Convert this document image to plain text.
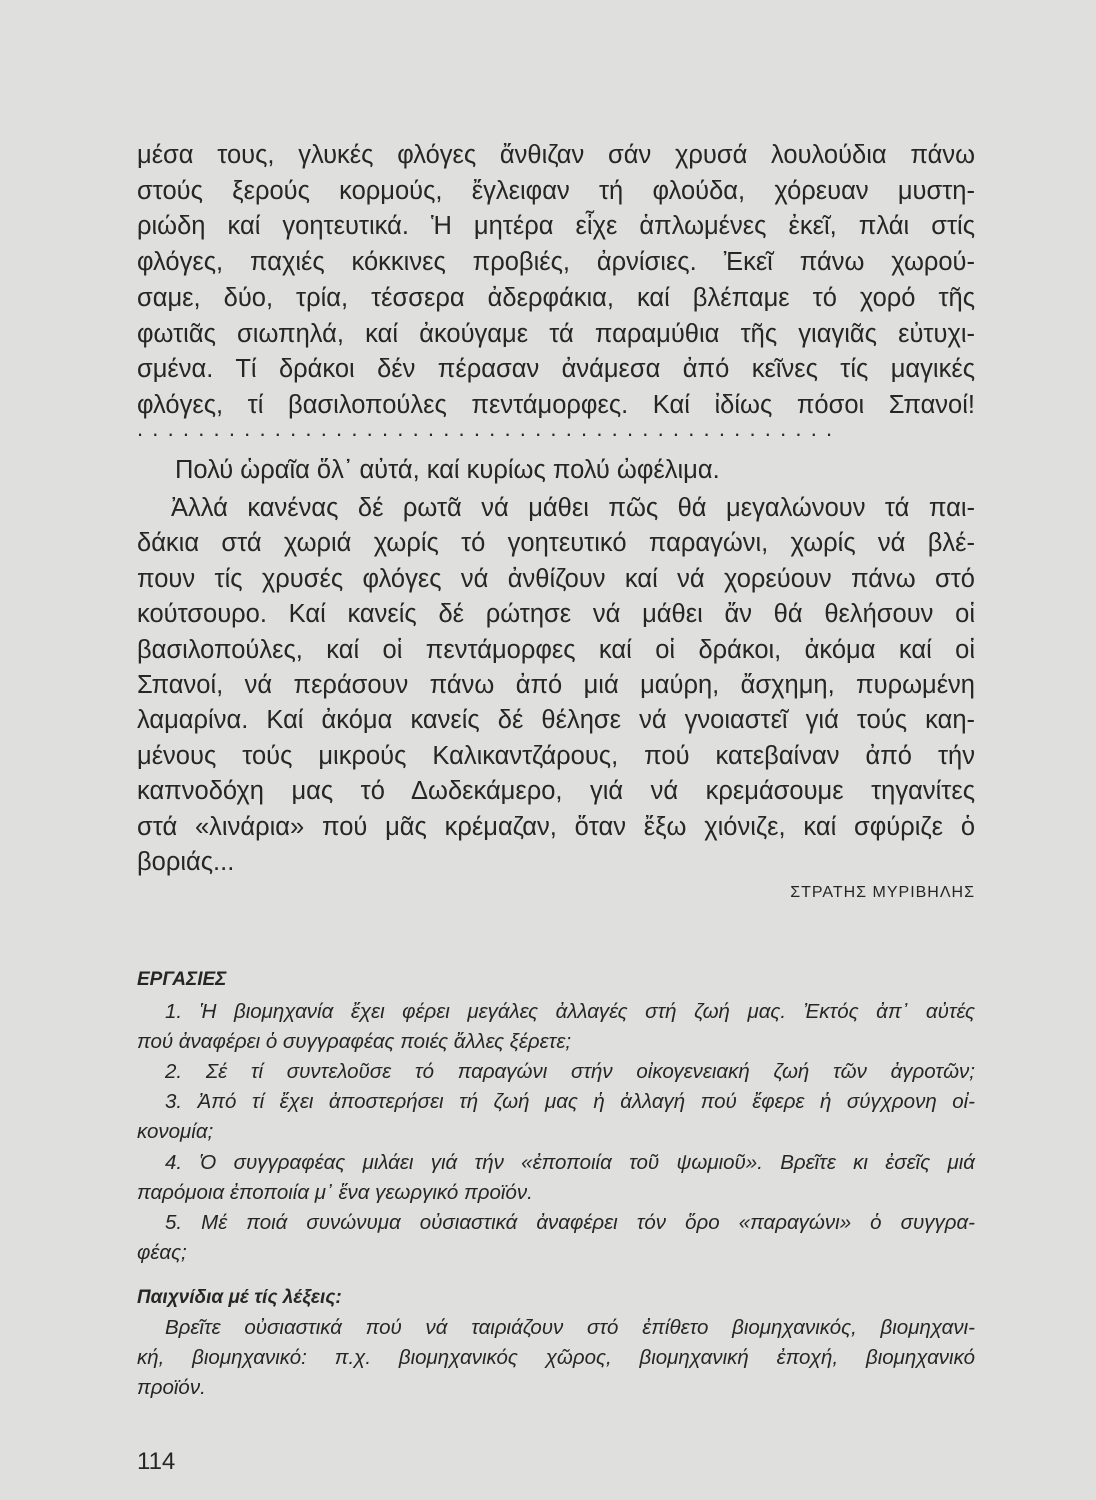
..............................................
ΣΤΡΑΤΗΣ ΜΥΡΙΒΗΛΗΣ
114
μέσα τους, γλυκές φλόγες ἄνθιζαν σάν χρυσά λουλούδια πάνω
στούς ξερούς κορμούς, ἔγλειφαν τή φλούδα, χόρευαν μυστη-
ριώδη καί γοητευτικά. Ἡ μητέρα εἶχε ἁπλωμένες ἐκεῖ, πλάι στίς
φλόγες, παχιές κόκκινες προβιές, ἀρνίσιες. Ἐκεῖ πάνω χωρού-
σαμε, δύο, τρία, τέσσερα ἀδερφάκια, καί βλέπαμε τό χορό τῆς
φωτιᾶς σιωπηλά, καί ἀκούγαμε τά παραμύθια τῆς γιαγιᾶς εὐτυχι-
σμένα. Τί δράκοι δέν πέρασαν ἀνάμεσα ἀπό κεῖνες τίς μαγικές
φλόγες, τί βασιλοπούλες πεντάμορφες. Καί ἰδίως πόσοι Σπανοί!
Πολύ ὡραῖα ὅλ᾽ αὐτά, καί κυρίως πολύ ὠφέλιμα.
Ἀλλά κανένας δέ ρωτᾶ νά μάθει πῶς θά μεγαλώνουν τά παι-
δάκια στά χωριά χωρίς τό γοητευτικό παραγώνι, χωρίς νά βλέ-
πουν τίς χρυσές φλόγες νά ἀνθίζουν καί νά χορεύουν πάνω στό
κούτσουρο. Καί κανείς δέ ρώτησε νά μάθει ἄν θά θελήσουν οἱ
βασιλοπούλες, καί οἱ πεντάμορφες καί οἱ δράκοι, ἀκόμα καί οἱ
Σπανοί, νά περάσουν πάνω ἀπό μιά μαύρη, ἄσχημη, πυρωμένη
λαμαρίνα. Καί ἀκόμα κανείς δέ θέλησε νά γνοιαστεῖ γιά τούς καη-
μένους τούς μικρούς Καλικαντζάρους, πού κατεβαίναν ἀπό τήν
καπνοδόχη μας τό Δωδεκάμερο, γιά νά κρεμάσουμε τηγανίτες
στά «λινάρια» πού μᾶς κρέμαζαν, ὅταν ἔξω χιόνιζε, καί σφύριζε ὁ
βοριάς...
ΕΡΓΑΣΙΕΣ
1. Ἡ βιομηχανία ἔχει φέρει μεγάλες ἀλλαγές στή ζωή μας. Ἐκτός ἀπ᾽ αὐτές
πού ἀναφέρει ὁ συγγραφέας ποιές ἄλλες ξέρετε;
2. Σέ τί συντελοῦσε τό παραγώνι στήν οἰκογενειακή ζωή τῶν ἀγροτῶν;
3. Ἀπό τί ἔχει ἀποστερήσει τή ζωή μας ἡ ἀλλαγή πού ἔφερε ἡ σύγχρονη οἰ-
κονομία;
4. Ὁ συγγραφέας μιλάει γιά τήν «ἐποποιία τοῦ ψωμιοῦ». Βρεῖτε κι ἐσεῖς μιά
παρόμοια ἐποποιία μ᾽ ἕνα γεωργικό προϊόν.
5. Μέ ποιά συνώνυμα οὐσιαστικά ἀναφέρει τόν ὅρο «παραγώνι» ὁ συγγρα-
φέας;
Παιχνίδια μέ τίς λέξεις:
Βρεῖτε οὐσιαστικά πού νά ταιριάζουν στό ἐπίθετο βιομηχανικός, βιομηχανι-
κή, βιομηχανικό: π.χ. βιομηχανικός χῶρος, βιομηχανική ἐποχή, βιομηχανικό
προϊόν.
